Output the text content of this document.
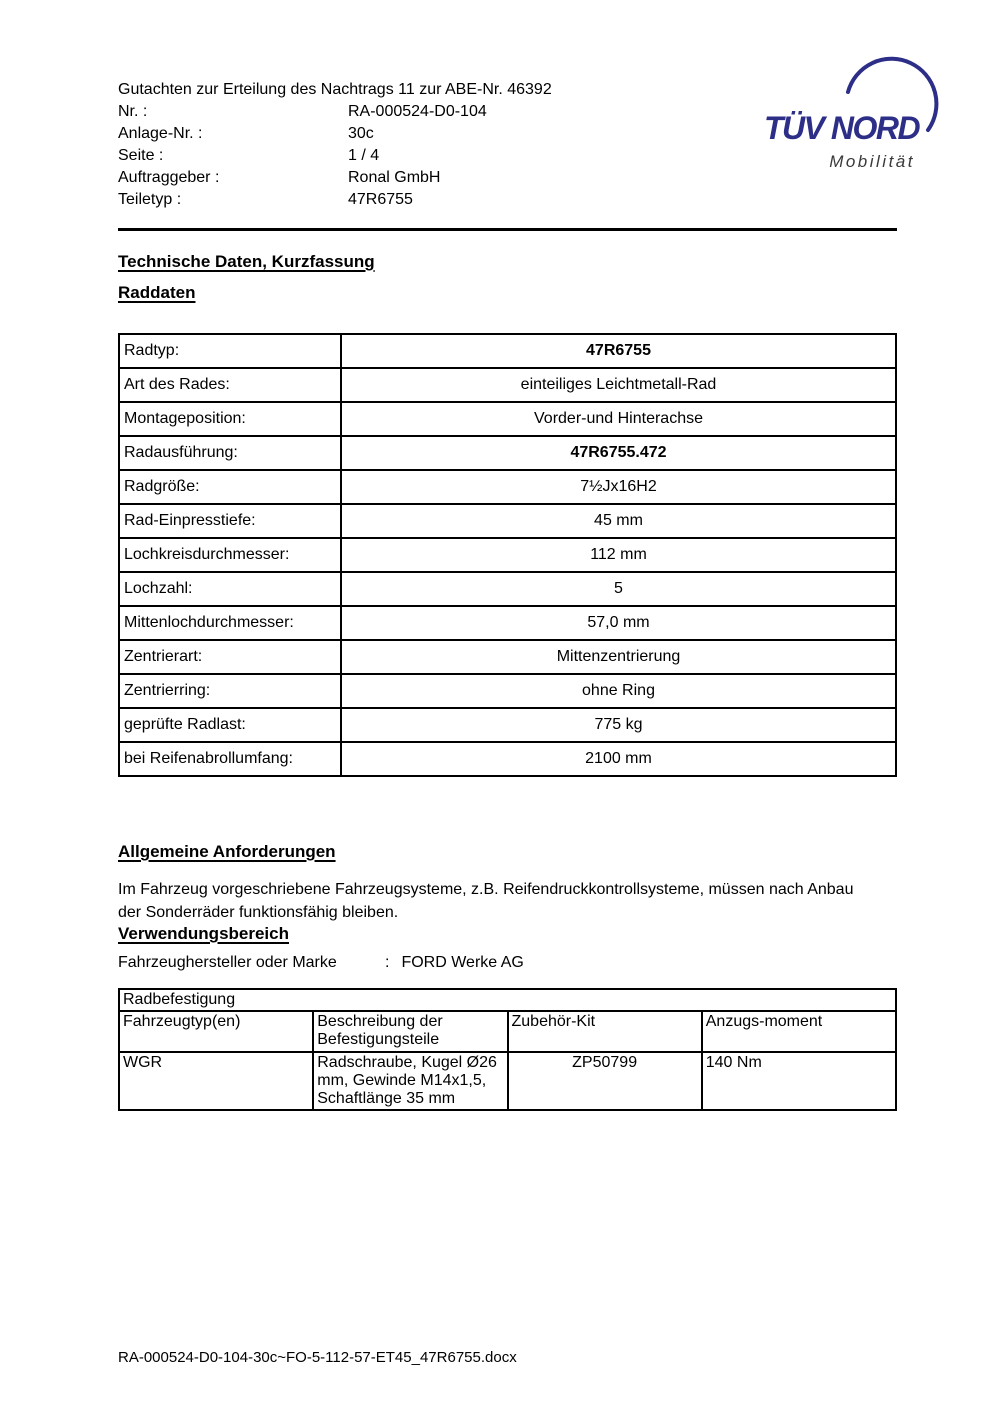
Gutachten zur Erteilung des Nachtrags 11 zur ABE-Nr. 46392
Nr. :	RA-000524-D0-104
Anlage-Nr. :	30c
Seite :	1 / 4
Auftraggeber :	Ronal GmbH
Teiletyp :	47R6755
TÜV NORD
Mobilität
Technische Daten, Kurzfassung
Raddaten
Radtyp:	47R6755
Art des Rades:	einteiliges Leichtmetall-Rad
Montageposition:	Vorder-und Hinterachse
Radausführung:	47R6755.472
Radgröße:	7½Jx16H2
Rad-Einpresstiefe:	45 mm
Lochkreisdurchmesser:	112 mm
Lochzahl:	5
Mittenlochdurchmesser:	57,0 mm
Zentrierart:	Mittenzentrierung
Zentrierring:	ohne Ring
geprüfte Radlast:	775 kg
bei Reifenabrollumfang:	2100 mm
Allgemeine Anforderungen
Im Fahrzeug vorgeschriebene Fahrzeugsysteme, z.B. Reifendruckkontrollsysteme, müssen nach Anbau der Sonderräder funktionsfähig bleiben.
Verwendungsbereich
Fahrzeughersteller oder Marke	: FORD Werke AG
Radbefestigung			
Fahrzeugtyp(en)	Beschreibung der Befestigungsteile	Zubehör-Kit	Anzugs-moment
WGR	Radschraube, Kugel Ø26 mm, Gewinde M14x1,5, Schaftlänge 35 mm	ZP50799	140 Nm
RA-000524-D0-104-30c~FO-5-112-57-ET45_47R6755.docx
